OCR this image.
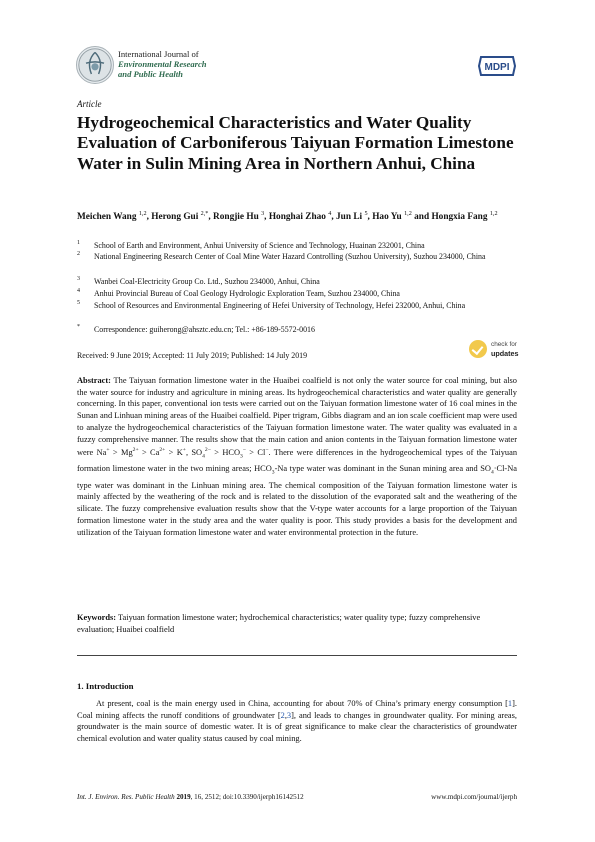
International Journal of
Environmental Research
and Public Health
MDPI
Article
Hydrogeochemical Characteristics and Water Quality Evaluation of Carboniferous Taiyuan Formation Limestone Water in Sulin Mining Area in Northern Anhui, China
Meichen Wang $^{1,2}$, Herong Gui $^{2,*}$, Rongjie Hu $^3$, Honghai Zhao $^4$, Jun Li $^5$, Hao Yu $^{1,2}$ and Hongxia Fang $^{1,2}$
1 School of Earth and Environment, Anhui University of Science and Technology, Huainan 232001, China
2 National Engineering Research Center of Coal Mine Water Hazard Controlling (Suzhou University), Suzhou 234000, China
3 Wanbei Coal-Electricity Group Co. Ltd., Suzhou 234000, Anhui, China
4 Anhui Provincial Bureau of Coal Geology Hydrologic Exploration Team, Suzhou 234000, China
5 School of Resources and Environmental Engineering of Hefei University of Technology, Hefei 232000, Anhui, China
* Correspondence: guiherong@ahsztc.edu.cn; Tel.: +86-189-5572-0016
Received: 9 June 2019; Accepted: 11 July 2019; Published: 14 July 2019
check for
updates
Abstract: The Taiyuan formation limestone water in the Huaibei coalfield is not only the water source for coal mining, but also the water source for industry and agriculture in mining areas. Its hydrogeochemical characteristics and water quality are generally concerning. In this paper, conventional ion tests were carried out on the Taiyuan formation limestone water of 16 coal mines in the Sunan and Linhuan mining areas of the Huaibei coalfield. Piper trigram, Gibbs diagram and an ion scale coefficient map were used to analyze the hydrogeochemical characteristics of the Taiyuan formation limestone water. The water quality was evaluated in a fuzzy comprehensive manner. The results show that the main cation and anion contents in the Taiyuan formation limestone water were $Na^+ > Mg^{2+} > Ca^{2+} > K^+$, $SO_4^{2-} > HCO_3^- > Cl^-$. There were differences in the hydrogeochemical types of the Taiyuan formation limestone water in the two mining areas; $HCO_3-Na$ type water was dominant in the Sunan mining area and $SO_4\cdot Cl-Na$ type water was dominant in the Linhuan mining area. The chemical composition of the Taiyuan formation limestone water is mainly affected by the weathering of the rock and is related to the dissolution of the evaporated salt and the weathering of the silicate. The fuzzy comprehensive evaluation results show that the V-type water accounts for a large proportion of the Taiyuan formation limestone water in the study area and the water quality is poor. This study provides a basis for the development and utilization of the Taiyuan formation limestone water and water environmental protection in the future.
Keywords: Taiyuan formation limestone water; hydrochemical characteristics; water quality type; fuzzy comprehensive evaluation; Huaibei coalfield
1. Introduction
At present, coal is the main energy used in China, accounting for about 70% of China’s primary energy consumption [1]. Coal mining affects the runoff conditions of groundwater [2,3], and leads to changes in groundwater quality. For mining areas, groundwater is the main source of domestic water. It is of great significance to make clear the characteristics of groundwater chemical evolution and water quality status caused by coal mining.
Int. J. Environ. Res. Public Health 2019, 16, 2512; doi:10.3390/ijerph16142512	www.mdpi.com/journal/ijerph
